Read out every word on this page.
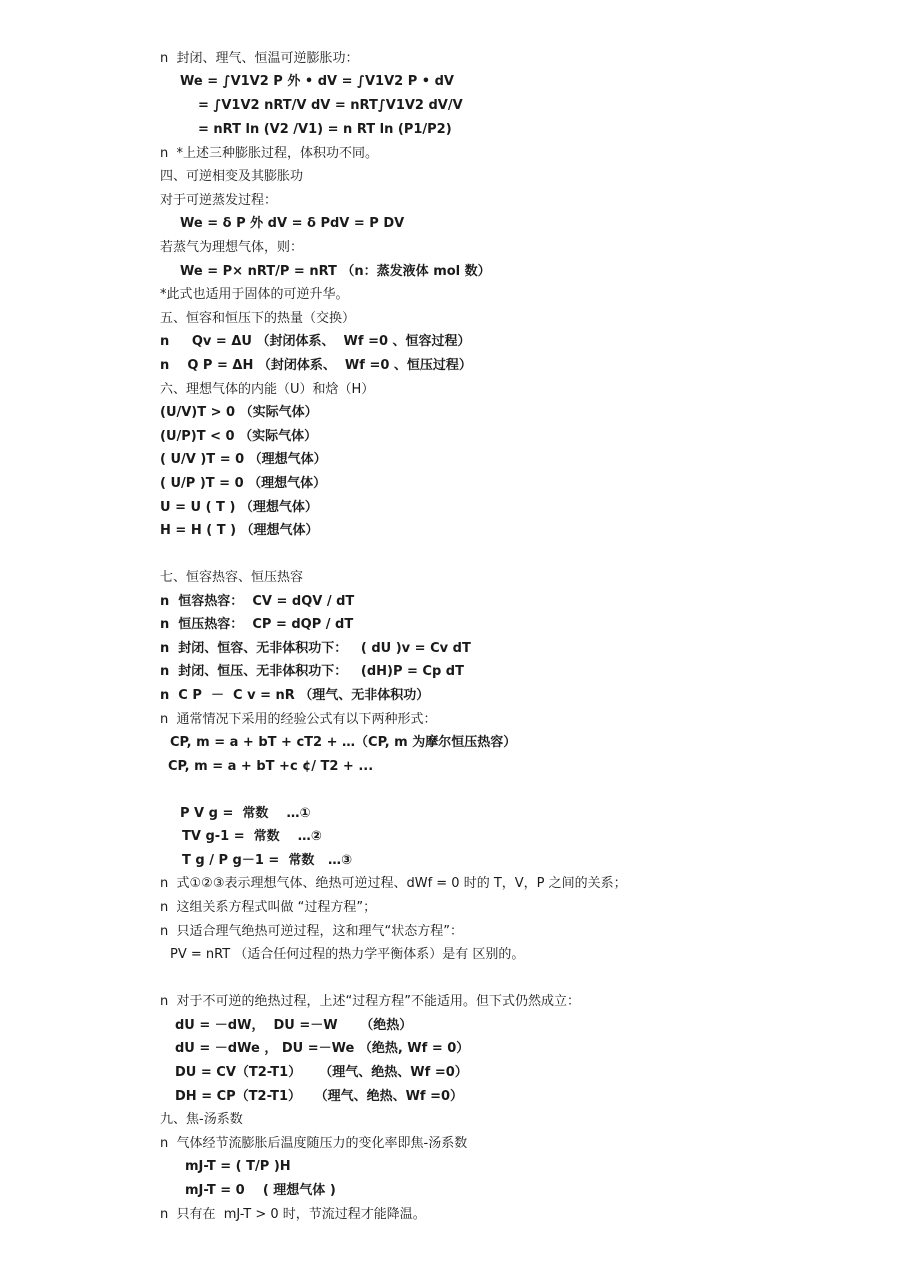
n  封闭、理气、恒温可逆膨胀功：
We = ∫V1V2 P 外 • dV = ∫V1V2 P • dV
= ∫V1V2 nRT/V dV = nRT∫V1V2 dV/V
= nRT ln (V2 /V1) = n RT ln (P1/P2)
n  *上述三种膨胀过程，体积功不同。
四、可逆相变及其膨胀功
对于可逆蒸发过程：
We = δ P 外 dV = δ PdV = P DV
若蒸气为理想气体，则：
We = P× nRT/P = nRT （n：蒸发液体 mol 数）
*此式也适用于固体的可逆升华。
五、恒容和恒压下的热量（交换）
n     Qv = ΔU （封闭体系、  Wf =0 、恒容过程）
n    Q P = ΔH （封闭体系、  Wf =0 、恒压过程）
六、理想气体的内能（U）和焓（H）
(U/V)T > 0 （实际气体）
(U/P)T < 0 （实际气体）
( U/V )T = 0 （理想气体）
( U/P )T = 0 （理想气体）
U = U ( T ) （理想气体）
H = H ( T ) （理想气体）
七、恒容热容、恒压热容
n  恒容热容：  CV = dQV / dT
n  恒压热容：  CP = dQP / dT
n  封闭、恒容、无非体积功下：   ( dU )v = Cv dT
n  封闭、恒压、无非体积功下：   (dH)P = Cp dT
n  C P  －  C v = nR （理气、无非体积功）
n  通常情况下采用的经验公式有以下两种形式：
CP, m = a + bT + cT2 + …（CP, m 为摩尔恒压热容）
CP, m = a + bT +c ¢/ T2 + ...
P V g =  常数    …①
TV g-1 =  常数    …②
T g / P g－1 =  常数   …③
n  式①②③表示理想气体、绝热可逆过程、dWf = 0 时的 T，V，P 之间的关系；
n  这组关系方程式叫做 “过程方程”；
n  只适合理气绝热可逆过程，这和理气“状态方程”：
PV = nRT （适合任何过程的热力学平衡体系）是有 区别的。
n  对于不可逆的绝热过程，上述“过程方程”不能适用。但下式仍然成立：
dU = －dW，  DU =－W     （绝热）
dU = －dWe ， DU =－We （绝热, Wf = 0）
DU = CV（T2-T1）    （理气、绝热、Wf =0）
DH = CP（T2-T1）   （理气、绝热、Wf =0）
九、焦-汤系数
n  气体经节流膨胀后温度随压力的变化率即焦-汤系数
mJ-T = ( T/P )H
mJ-T = 0    ( 理想气体 )
n  只有在  mJ-T > 0 时，节流过程才能降温。
